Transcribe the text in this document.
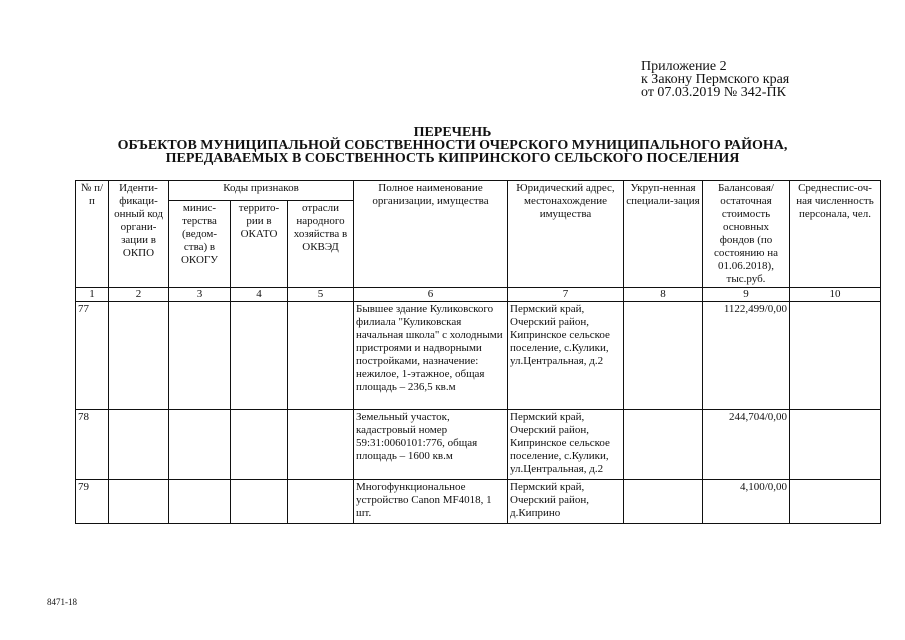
Приложение 2
к Закону Пермского края
от 07.03.2019 № 342-ПК
ПЕРЕЧЕНЬ
ОБЪЕКТОВ МУНИЦИПАЛЬНОЙ СОБСТВЕННОСТИ ОЧЕРСКОГО МУНИЦИПАЛЬНОГО РАЙОНА,
ПЕРЕДАВАЕМЫХ В СОБСТВЕННОСТЬ КИПРИНСКОГО СЕЛЬСКОГО ПОСЕЛЕНИЯ
№ п/п	Иденти-фикаци-онный код органи-зации в ОКПО	Коды признаков			Полное наименование организации, имущества	Юридический адрес, местонахождение имущества	Укруп-ненная специали-зация	Балансовая/ остаточная стоимость основных фондов (по состоянию на 01.06.2018), тыс.руб.	Среднеспис-оч-ная численность персонала, чел.
		минис-терства (ведом-ства) в ОКОГУ	террито-рии в ОКАТО	отрасли народного хозяйства в ОКВЭД					
1	2	3	4	5	6	7	8	9	10
77					Бывшее здание Куликовского филиала "Куликовская начальная школа" с холодными пристроями и надворными постройками, назначение: нежилое, 1-этажное, общая площадь – 236,5 кв.м	Пермский край, Очерский район, Кипринское сельское поселение, с.Кулики, ул.Центральная, д.2		1122,499/0,00	
78					Земельный участок, кадастровый номер 59:31:0060101:776, общая площадь – 1600 кв.м	Пермский край, Очерский район, Кипринское сельское поселение, с.Кулики, ул.Центральная, д.2		244,704/0,00	
79					Многофункциональное устройство Canon MF4018, 1 шт.	Пермский край, Очерский район, д.Киприно		4,100/0,00	
8471-18
